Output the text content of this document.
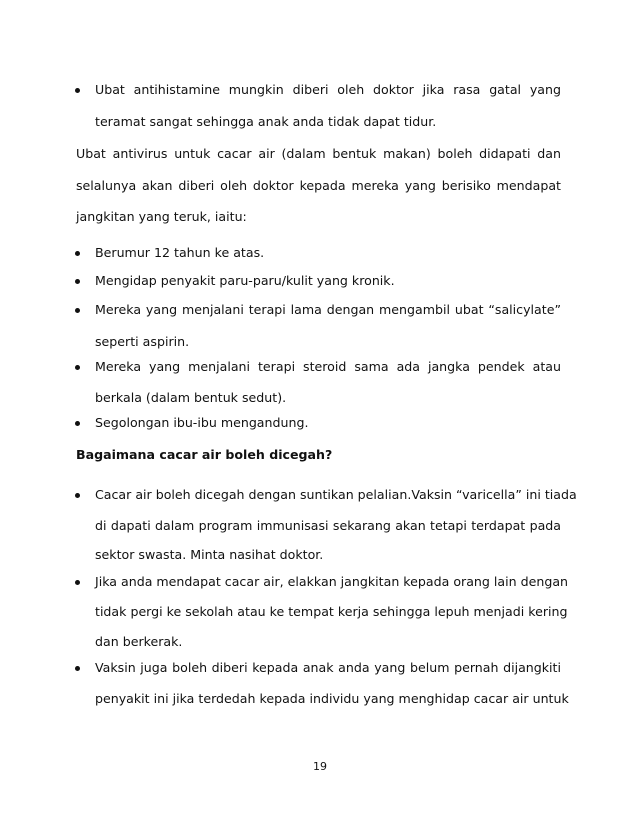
Ubat antihistamine mungkin diberi oleh doktor jika rasa gatal yang
teramat sangat sehingga anak anda tidak dapat tidur.
Ubat antivirus untuk cacar air (dalam bentuk makan) boleh didapati dan
selalunya akan diberi oleh doktor kepada mereka yang berisiko mendapat
jangkitan yang teruk, iaitu:
Berumur 12 tahun ke atas.
Mengidap penyakit paru-paru/kulit yang kronik.
Mereka yang menjalani terapi lama dengan mengambil ubat “salicylate”
seperti aspirin.
Mereka yang menjalani terapi steroid sama ada jangka pendek atau
berkala (dalam bentuk sedut).
Segolongan ibu-ibu mengandung.
Bagaimana cacar air boleh dicegah?
Cacar air boleh dicegah dengan suntikan pelalian.Vaksin “varicella” ini tiada
di dapati dalam program immunisasi sekarang akan tetapi terdapat pada
sektor swasta. Minta nasihat doktor.
Jika anda mendapat cacar air, elakkan jangkitan kepada orang lain dengan
tidak pergi ke sekolah atau ke tempat kerja sehingga lepuh menjadi kering
dan berkerak.
Vaksin juga boleh diberi kepada anak anda yang belum pernah dijangkiti
penyakit ini jika terdedah kepada individu yang menghidap cacar air untuk
19
